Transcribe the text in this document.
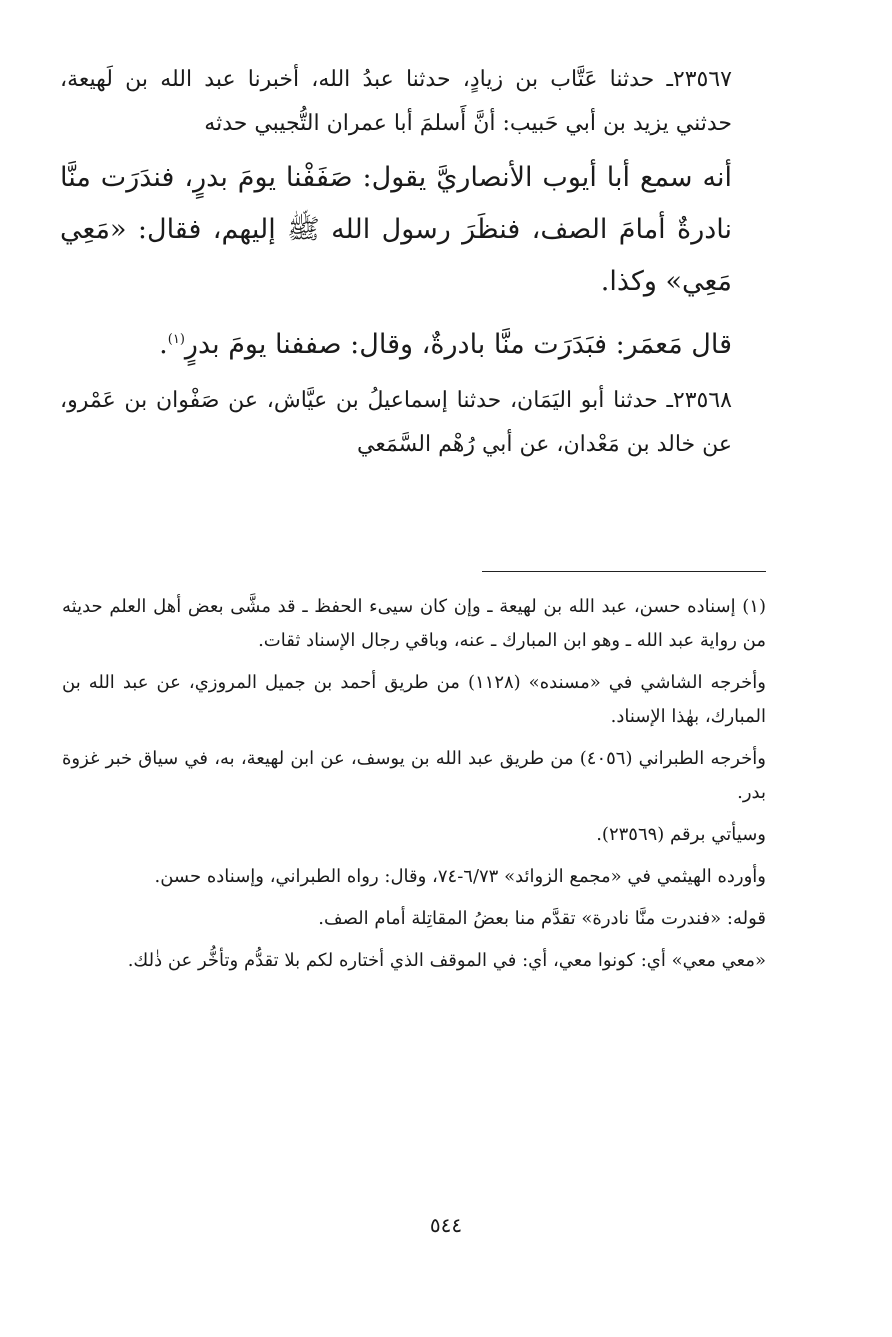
٢٣٥٦٧ـ حدثنا عَتَّاب بن زيادٍ، حدثنا عبدُ الله، أخبرنا عبد الله بن لَهيعة، حدثني يزيد بن أبي حَبيب: أنَّ أَسلمَ أبا عمران التُّجيبي حدثه

أنه سمع أبا أيوب الأنصاريَّ يقول: صَفَفْنا يومَ بدرٍ، فندَرَت منَّا نادرةٌ أمامَ الصف، فنظَرَ رسول الله ﷺ إليهم، فقال: «مَعِي مَعِي» وكذا.

قال مَعمَر: فبَدَرَت منَّا بادرةٌ، وقال: صففنا يومَ بدرٍ$^{(١)}$.

٢٣٥٦٨ـ حدثنا أبو اليَمَان، حدثنا إسماعيلُ بن عيَّاش، عن صَفْوان بن عَمْرو، عن خالد بن مَعْدان، عن أبي رُهْم السَّمَعي

(١) إسناده حسن، عبد الله بن لهيعة ـ وإن كان سيىء الحفظ ـ قد مشَّى بعض أهل العلم حديثه من رواية عبد الله ـ وهو ابن المبارك ـ عنه، وباقي رجال الإسناد ثقات.

وأخرجه الشاشي في «مسنده» (١١٢٨) من طريق أحمد بن جميل المروزي، عن عبد الله بن المبارك، بهٰذا الإسناد.

وأخرجه الطبراني (٤٠٥٦) من طريق عبد الله بن يوسف، عن ابن لهيعة، به، في سياق خبر غزوة بدر.

وسيأتي برقم (٢٣٥٦٩).

وأورده الهيثمي في «مجمع الزوائد» ٦/٧٣-٧٤، وقال: رواه الطبراني، وإسناده حسن.

قوله: «فندرت منَّا نادرة» تقدَّم منا بعضُ المقاتِلة أمام الصف.

«معي معي» أي: كونوا معي، أي: في الموقف الذي أختاره لكم بلا تقدُّم وتأخُّر عن ذٰلك.

٥٤٤
